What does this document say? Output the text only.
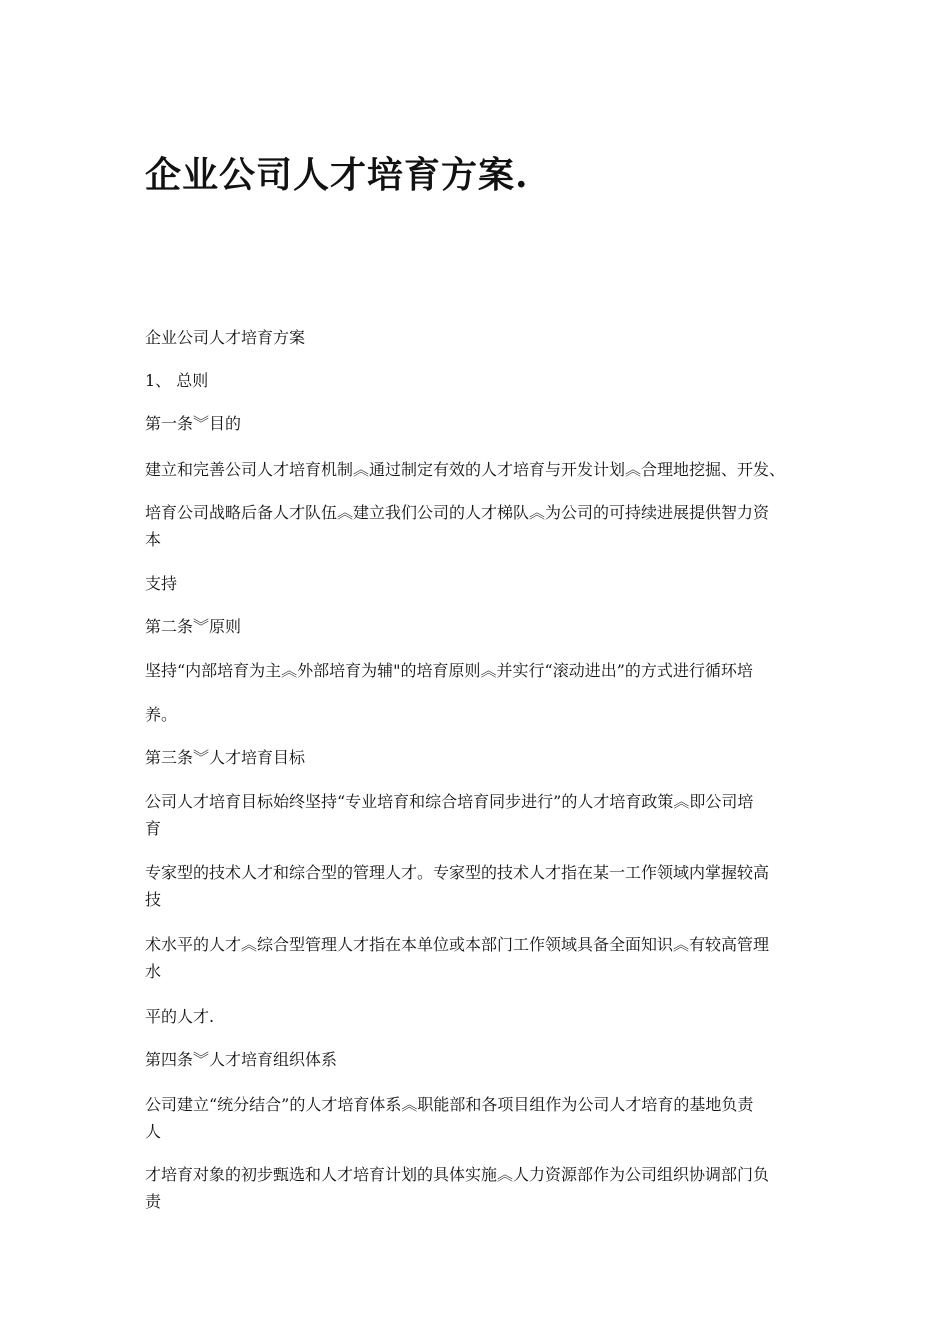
企业公司人才培育方案.

企业公司人才培育方案

1、 总则

第一条︾目的

建立和完善公司人才培育机制︽通过制定有效的人才培育与开发计划︽合理地挖掘、开发、

培育公司战略后备人才队伍︽建立我们公司的人才梯队︽为公司的可持续进展提供智力资

本

支持

第二条︾原则

坚持“内部培育为主︽外部培育为辅"的培育原则︽并实行“滚动进出”的方式进行循环培

养。

第三条︾人才培育目标

公司人才培育目标始终坚持“专业培育和综合培育同步进行”的人才培育政策︽即公司培

育

专家型的技术人才和综合型的管理人才。专家型的技术人才指在某一工作领域内掌握较高

技

术水平的人才︽综合型管理人才指在本单位或本部门工作领域具备全面知识︽有较高管理

水

平的人才.

第四条︾人才培育组织体系

公司建立“统分结合”的人才培育体系︽职能部和各项目组作为公司人才培育的基地负责

人

才培育对象的初步甄选和人才培育计划的具体实施︽人力资源部作为公司组织协调部门负

责
